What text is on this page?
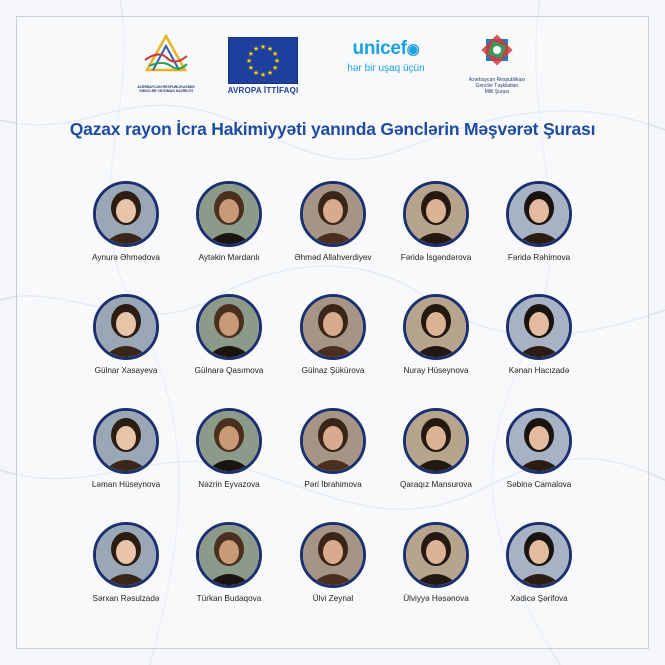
AZƏRBAYCAN RESPUBLİKASININ
GƏNCLƏR VƏ İDMAN NAZİRLİYİ
★
★
★
★
★
★
★
★
★ ★ ★
★
AVROPA İTTİFAQI
unicef◉
hər bir uşaq üçün
Azərbaycan Respublikası
Gənclər Təşkilatları
Milli Şurası
Qazax rayon İcra Hakimiyyəti yanında Gənclərin Məşvərət Şurası
Aynurə Əhmədova	Aytəkin Mərdanlı	Əhməd Allahverdiyev	Fəridə İsgəndərova	Fəridə Rəhimova
Gülnar Xasayeva	Gülnarə Qasımova	Gülnaz Şükürova	Nuray Hüseynova	Kənan Hacızadə
Ləman Hüseynova	Nəzrin Eyvazova	Pəri İbrahimova	Qaraqız Mansurova	Səbinə Camalova
Sərxan Rəsulzadə	Türkan Budaqova	Ülvi Zeynal	Ülviyyə Həsənova	Xədicə Şərifova
